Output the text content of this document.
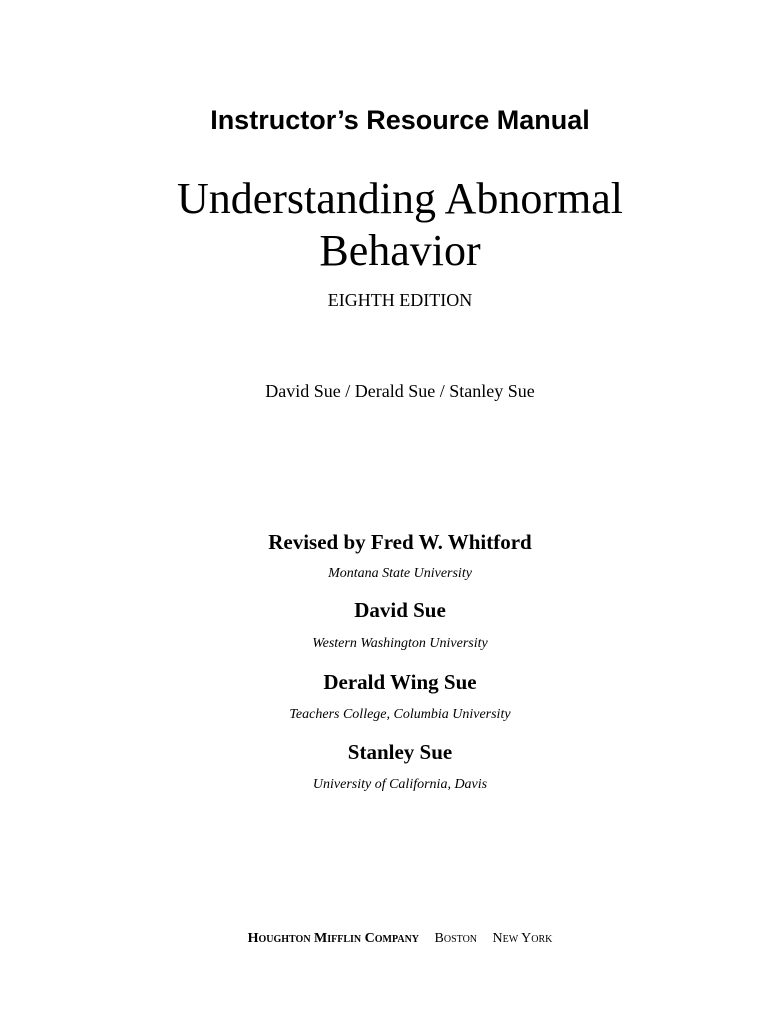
Instructor’s Resource Manual
Understanding Abnormal
Behavior
EIGHTH EDITION
David Sue / Derald Sue / Stanley Sue
Revised by Fred W. Whitford
Montana State University
David Sue
Western Washington University
Derald Wing Sue
Teachers College, Columbia University
Stanley Sue
University of California, Davis
Houghton Mifflin Company Boston New York
